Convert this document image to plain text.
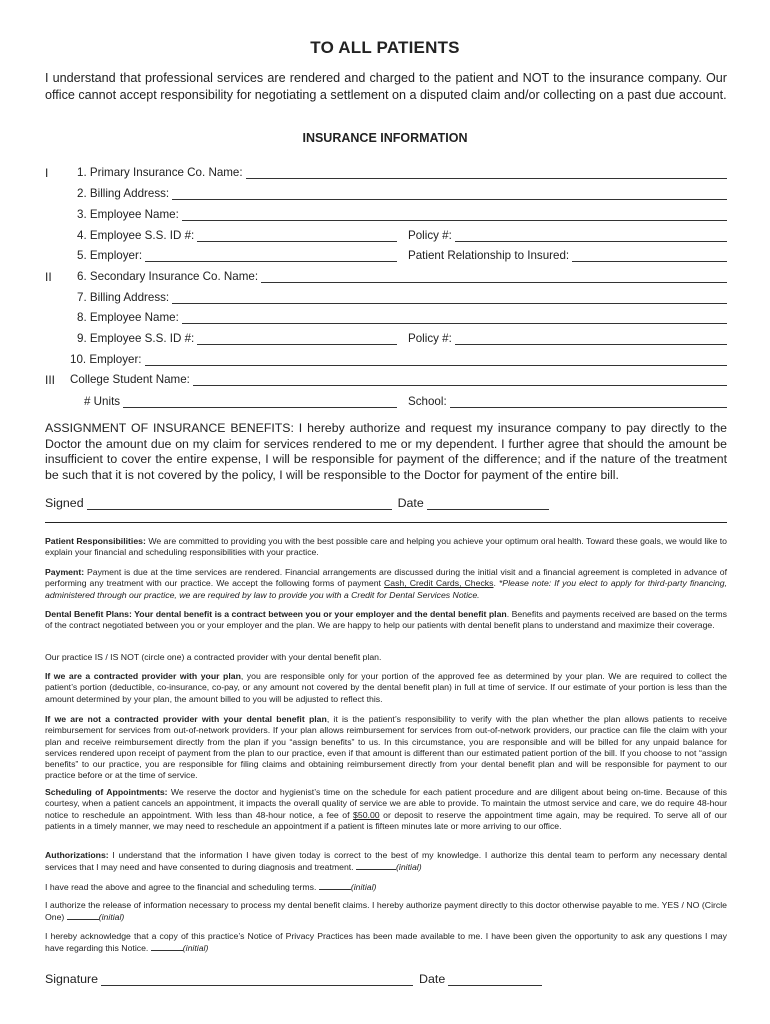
TO ALL PATIENTS
I understand that professional services are rendered and charged to the patient and NOT to the insurance company. Our office cannot accept responsibility for negotiating a settlement on a disputed claim and/or collecting on a past due account.
INSURANCE INFORMATION
I
II
III
1. Primary Insurance Co. Name:
2. Billing Address:
3. Employee Name:
4. Employee S.S. ID #:	Policy #:
5. Employer:	Patient Relationship to Insured:
6. Secondary Insurance Co. Name:
7. Billing Address:
8. Employee Name:
9. Employee S.S. ID #:	Policy #:
10. Employer:
College Student Name:
# Units	School:
ASSIGNMENT OF INSURANCE BENEFITS: I hereby authorize and request my insurance company to pay directly to the Doctor the amount due on my claim for services rendered to me or my dependent. I further agree that should the amount be insufficient to cover the entire expense, I will be responsible for payment of the difference; and if the nature of the treatment be such that it is not covered by the policy, I will be responsible to the Doctor for payment of the entire bill.
Signed	Date
Patient Responsibilities: We are committed to providing you with the best possible care and helping you achieve your optimum oral health. Toward these goals, we would like to explain your financial and scheduling responsibilities with your practice.
Payment: Payment is due at the time services are rendered. Financial arrangements are discussed during the initial visit and a financial agreement is completed in advance of performing any treatment with our practice. We accept the following forms of payment Cash, Credit Cards, Checks. *Please note: If you elect to apply for third-party financing, administered through our practice, we are required by law to provide you with a Credit for Dental Services Notice.
Dental Benefit Plans: Your dental benefit is a contract between you or your employer and the dental benefit plan. Benefits and payments received are based on the terms of the contract negotiated between you or your employer and the plan. We are happy to help our patients with dental benefit plans to understand and maximize their coverage.
Our practice IS / IS NOT (circle one) a contracted provider with your dental benefit plan.
If we are a contracted provider with your plan, you are responsible only for your portion of the approved fee as determined by your plan. We are required to collect the patient’s portion (deductible, co-insurance, co-pay, or any amount not covered by the dental benefit plan) in full at time of service. If our estimate of your portion is less than the amount determined by your plan, the amount billed to you will be adjusted to reflect this.
If we are not a contracted provider with your dental benefit plan, it is the patient’s responsibility to verify with the plan whether the plan allows patients to receive reimbursement for services from out-of-network providers. If your plan allows reimbursement for services from out-of-network providers, our practice can file the claim with your plan and receive reimbursement directly from the plan if you “assign benefits” to us. In this circumstance, you are responsible and will be billed for any unpaid balance for services rendered upon receipt of payment from the plan to our practice, even if that amount is different than our estimated patient portion of the bill. If you choose to not “assign benefits” to our practice, you are responsible for filing claims and obtaining reimbursement directly from your dental benefit plan and will be responsible for payment to our practice before or at the time of service.
Scheduling of Appointments: We reserve the doctor and hygienist’s time on the schedule for each patient procedure and are diligent about being on-time. Because of this courtesy, when a patient cancels an appointment, it impacts the overall quality of service we are able to provide. To maintain the utmost service and care, we do require 48-hour notice to reschedule an appointment. With less than 48-hour notice, a fee of $50.00 or deposit to reserve the appointment time again, may be required. To serve all of our patients in a timely manner, we may need to reschedule an appointment if a patient is fifteen minutes late or more arriving to our office.
Authorizations: I understand that the information I have given today is correct to the best of my knowledge. I authorize this dental team to perform any necessary dental services that I may need and have consented to during diagnosis and treatment.	(initial)
I have read the above and agree to the financial and scheduling terms.	(initial)
I authorize the release of information necessary to process my dental benefit claims. I hereby authorize payment directly to this doctor otherwise payable to me. YES / NO (Circle One)	(initial)
I hereby acknowledge that a copy of this practice’s Notice of Privacy Practices has been made available to me. I have been given the opportunity to ask any questions I may have regarding this Notice.	(initial)
Signature	Date
